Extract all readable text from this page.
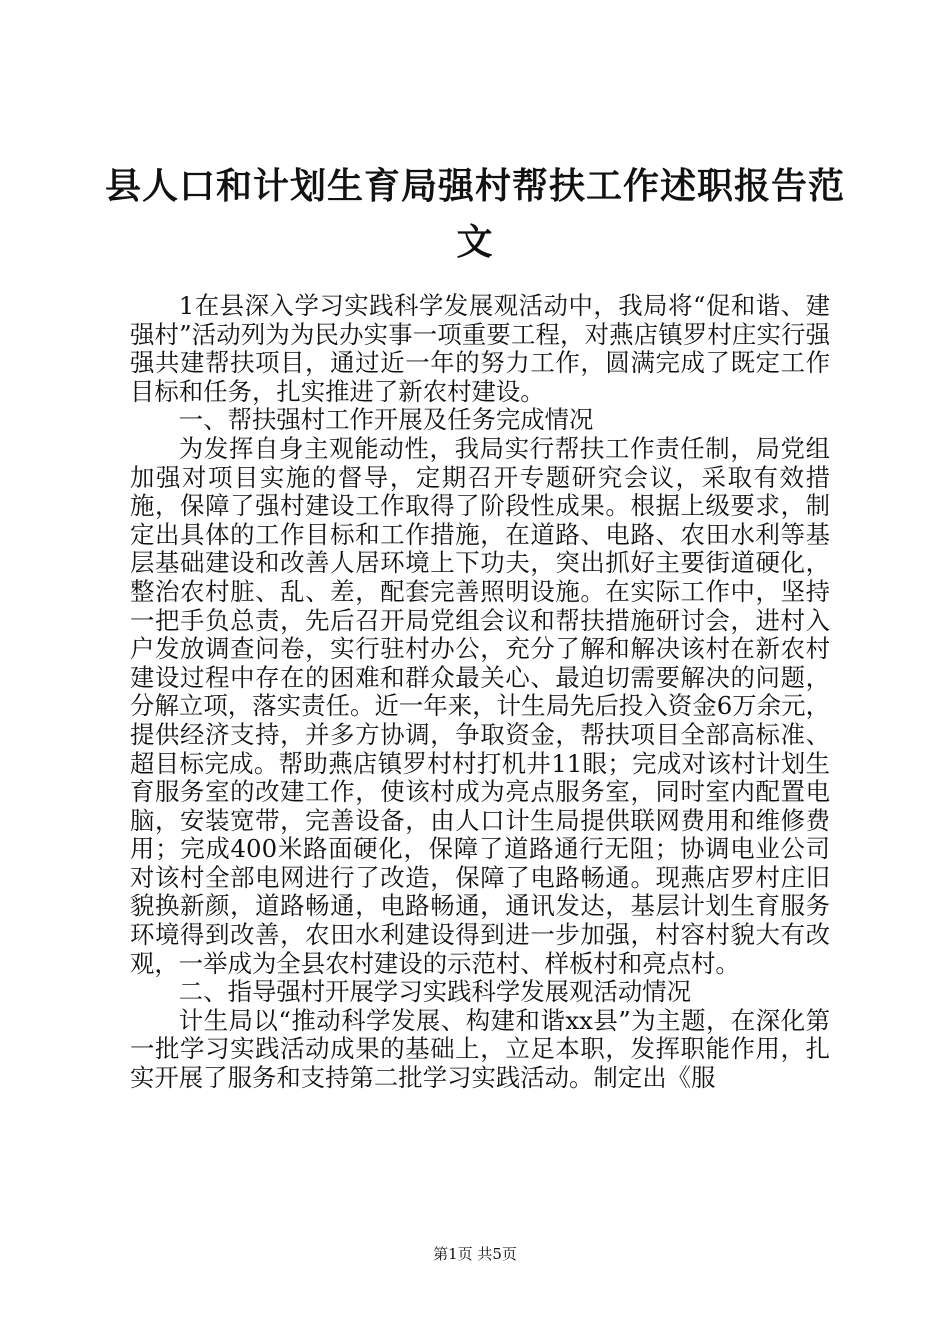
县人口和计划生育局强村帮扶工作述职报告范
文

1在县深入学习实践科学发展观活动中，我局将“促和谐、建强村”活动列为为民办实事一项重要工程，对燕店镇罗村庄实行强强共建帮扶项目，通过近一年的努力工作，圆满完成了既定工作目标和任务，扎实推进了新农村建设。

一、帮扶强村工作开展及任务完成情况

为发挥自身主观能动性，我局实行帮扶工作责任制，局党组加强对项目实施的督导，定期召开专题研究会议，采取有效措施，保障了强村建设工作取得了阶段性成果。根据上级要求，制定出具体的工作目标和工作措施，在道路、电路、农田水利等基层基础建设和改善人居环境上下功夫，突出抓好主要街道硬化，整治农村脏、乱、差，配套完善照明设施。在实际工作中，坚持一把手负总责，先后召开局党组会议和帮扶措施研讨会，进村入户发放调查问卷，实行驻村办公，充分了解和解决该村在新农村建设过程中存在的困难和群众最关心、最迫切需要解决的问题，分解立项，落实责任。近一年来，计生局先后投入资金6万余元，提供经济支持，并多方协调，争取资金，帮扶项目全部高标准、超目标完成。帮助燕店镇罗村村打机井11眼；完成对该村计划生育服务室的改建工作，使该村成为亮点服务室，同时室内配置电脑，安装宽带，完善设备，由人口计生局提供联网费用和维修费用；完成400米路面硬化，保障了道路通行无阻；协调电业公司对该村全部电网进行了改造，保障了电路畅通。现燕店罗村庄旧貌换新颜，道路畅通，电路畅通，通讯发达，基层计划生育服务环境得到改善，农田水利建设得到进一步加强，村容村貌大有改观，一举成为全县农村建设的示范村、样板村和亮点村。

二、指导强村开展学习实践科学发展观活动情况

计生局以“推动科学发展、构建和谐xx县”为主题，在深化第一批学习实践活动成果的基础上，立足本职，发挥职能作用，扎实开展了服务和支持第二批学习实践活动。制定出《服

第1页 共5页
